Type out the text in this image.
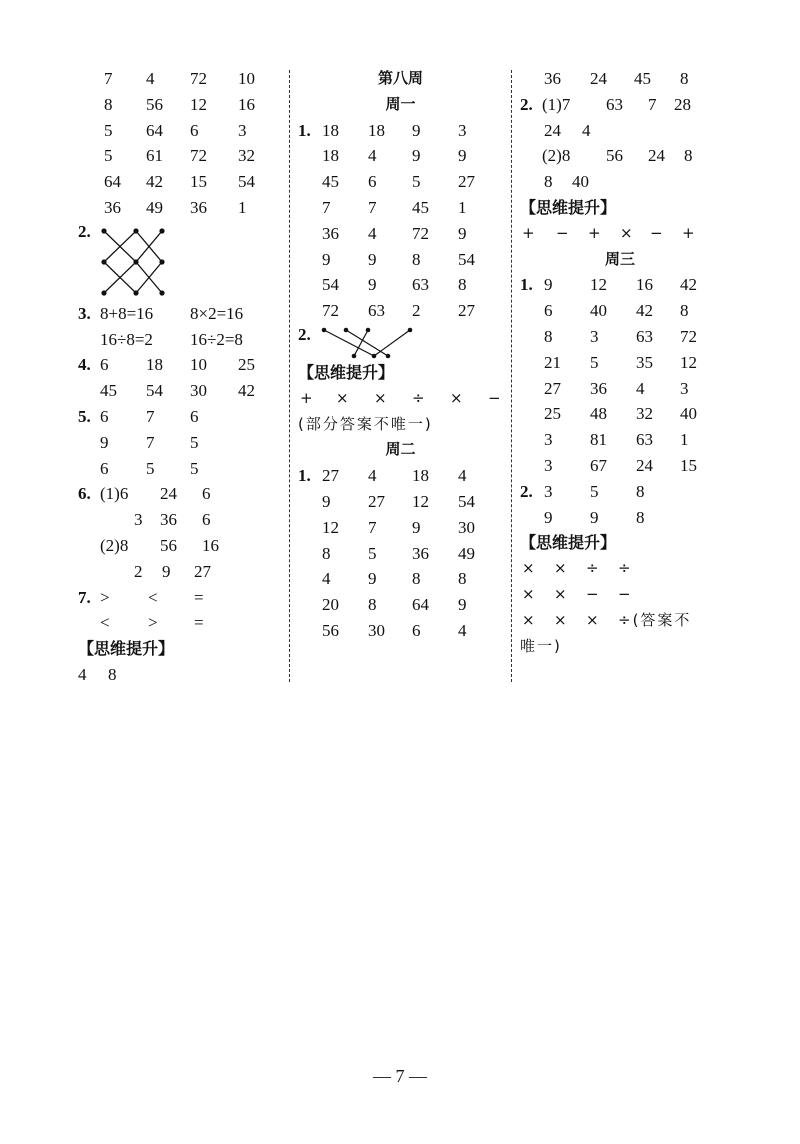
7 4 72 10
8 56 12 16
5 64 6 3
5 61 72 32
64 42 15 54
36 49 36 1
2.
3. 8+8=16 8×2=16
16÷8=2 16÷2=8
4. 6 18 10 25
45 54 30 42
5. 6 7 6
9 7 5
6 5 5
6. (1)6 24 6
3 36 6
(2)8 56 16
2 9 27
7. > < =
< > =
【思维提升】
4 8
第八周
周一
1. 18 18 9 3
18 4 9 9
45 6 5 27
7 7 45 1
36 4 72 9
9 9 8 54
54 9 63 8
72 63 2 27
2.
【思维提升】
+ × × ÷ × −
(部分答案不唯一)
周二
1. 27 4 18 4
9 27 12 54
12 7 9 30
8 5 36 49
4 9 8 8
20 8 64 9
56 30 6 4
36 24 45 8
2. (1)7 63 7 28
24 4
(2)8 56 24 8
8 40
【思维提升】
+ − + × − +
周三
1. 9 12 16 42
6 40 42 8
8 3 63 72
21 5 35 12
27 36 4 3
25 48 32 40
3 81 63 1
3 67 24 15
2. 3 5 8
9 9 8
【思维提升】
× × ÷ ÷
× × − −
× × × ÷(答案不
唯一)
— 7 —
